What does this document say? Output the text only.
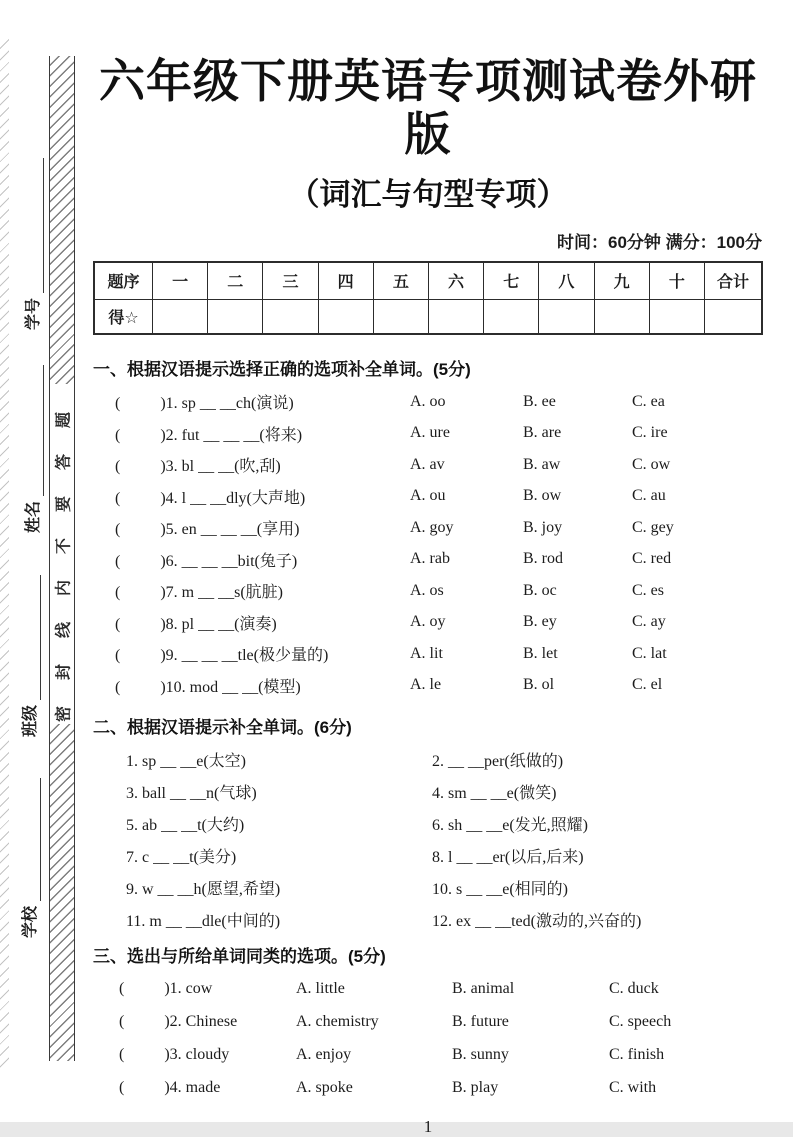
学号
姓名
班级
学校
密封线内不要答题
六年级下册英语专项测试卷外研版
（词汇与句型专项）
时间：60分钟 满分：100分
题序	一	二	三	四	五	六	七	八	九	十	合计
得☆											
一、根据汉语提示选择正确的选项补全单词。(5分)
(          )1. sp __ __ch(演说)	A. oo	B. ee	C. ea
(          )2. fut __ __ __(将来)	A. ure	B. are	C. ire
(          )3. bl __ __(吹,刮)	A. av	B. aw	C. ow
(          )4. l __ __dly(大声地)	A. ou	B. ow	C. au
(          )5. en __ __ __(享用)	A. goy	B. joy	C. gey
(          )6. __ __ __bit(兔子)	A. rab	B. rod	C. red
(          )7. m __ __s(肮脏)	A. os	B. oc	C. es
(          )8. pl __ __(演奏)	A. oy	B. ey	C. ay
(          )9. __ __ __tle(极少量的)	A. lit	B. let	C. lat
(          )10. mod __ __(模型)	A. le	B. ol	C. el
二、根据汉语提示补全单词。(6分)
1. sp __ __e(太空)	2. __ __per(纸做的)
3. ball __ __n(气球)	4. sm __ __e(微笑)
5. ab __ __t(大约)	6. sh __ __e(发光,照耀)
7. c __ __t(美分)	8. l __ __er(以后,后来)
9. w __ __h(愿望,希望)	10. s __ __e(相同的)
11. m __ __dle(中间的)	12. ex __ __ted(激动的,兴奋的)
三、选出与所给单词同类的选项。(5分)
(          )1. cow	A. little	B. animal	C. duck
(          )2. Chinese	A. chemistry	B. future	C. speech
(          )3. cloudy	A. enjoy	B. sunny	C. finish
(          )4. made	A. spoke	B. play	C. with
1
